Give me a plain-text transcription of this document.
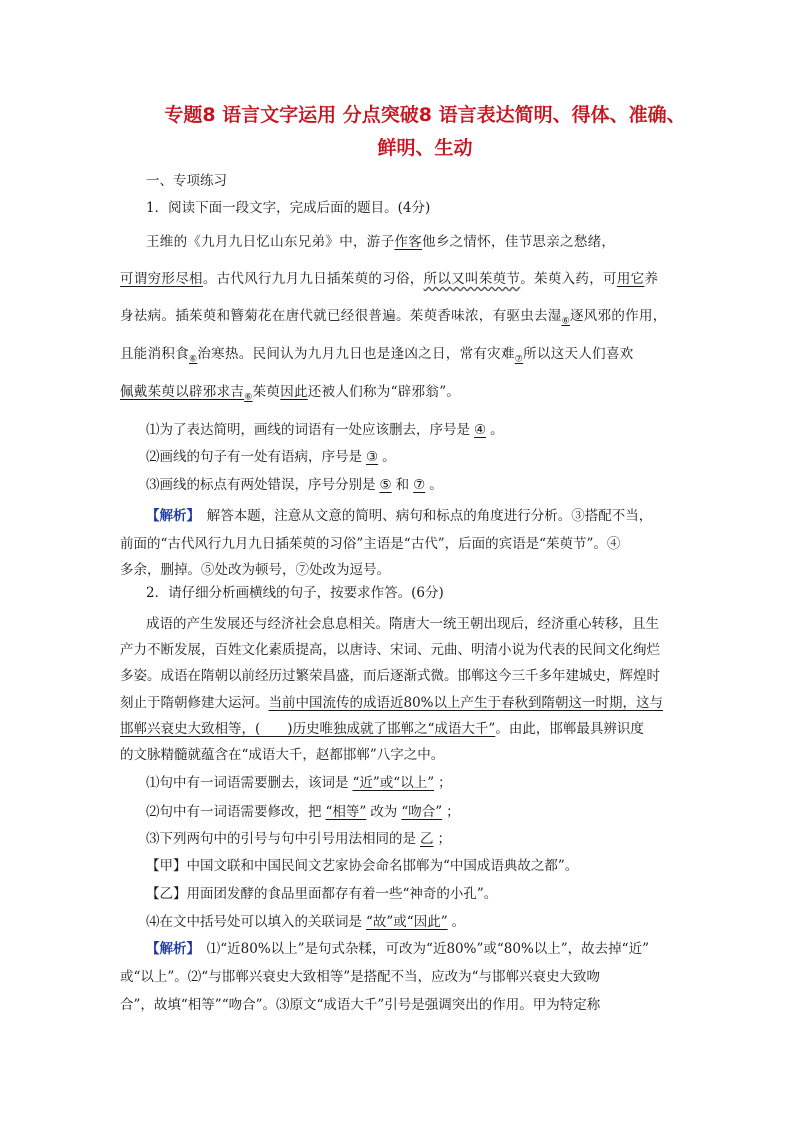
专题8 语言文字运用 分点突破8 语言表达简明、得体、准确、
鲜明、生动
一、专项练习
1．阅读下面一段文字，完成后面的题目。(4分)
王维的《九月九日忆山东兄弟》中，游子作客他乡之情怀，佳节思亲之愁绪，
可谓穷形尽相。古代风行九月九日插茱萸的习俗，所以又叫茱萸节。茱萸入药，可用它养
身祛病。插茱萸和簪菊花在唐代就已经很普遍。茱萸香味浓，有驱虫去湿$_⑥$逐风邪的作用，
且能消积食$_⑥$治寒热。民间认为九月九日也是逢凶之日，常有灾难$_⑦$所以这天人们喜欢
佩戴茱萸以辟邪求吉$_⑥$茱萸因此还被人们称为“辟邪翁”。
⑴为了表达简明，画线的词语有一处应该删去，序号是 ④ 。
⑵画线的句子有一处有语病，序号是 ③ 。
⑶画线的标点有两处错误，序号分别是 ⑤ 和 ⑦ 。
【解析】　 解答本题，注意从文意的简明、病句和标点的角度进行分析。③搭配不当，
前面的“古代风行九月九日插茱萸的习俗”主语是“古代”，后面的宾语是“茱萸节”。④
多余，删掉。⑤处改为顿号，⑦处改为逗号。
2．请仔细分析画横线的句子，按要求作答。(6分)
成语的产生发展还与经济社会息息相关。隋唐大一统王朝出现后，经济重心转移，且生
产力不断发展，百姓文化素质提高，以唐诗、宋词、元曲、明清小说为代表的民间文化绚烂
多姿。成语在隋朝以前经历过繁荣昌盛，而后逐渐式微。邯郸这今三千多年建城史，辉煌时
刻止于隋朝修建大运河。当前中国流传的成语近80%以上产生于春秋到隋朝这一时期，这与
邯郸兴衰史大致相等，(　　)历史唯独成就了邯郸之“成语大千”。由此，邯郸最具辨识度
的文脉精髓就蕴含在“成语大千，赵都邯郸”八字之中。
⑴句中有一词语需要删去，该词是 “近”或“以上” ；
⑵句中有一词语需要修改，把 “相等” 改为 “吻合” ；
⑶下列两句中的引号与句中引号用法相同的是 乙 ；
【甲】中国文联和中国民间文艺家协会命名邯郸为“中国成语典故之都”。
【乙】用面团发酵的食品里面都存有着一些“神奇的小孔”。
⑷在文中括号处可以填入的关联词是 “故”或“因此” 。
【解析】　 ⑴“近80%以上”是句式杂糅，可改为“近80%”或“80%以上”，故去掉“近”
或“以上”。⑵“与邯郸兴衰史大致相等”是搭配不当，应改为“与邯郸兴衰史大致吻
合”，故填“相等”“吻合”。⑶原文“成语大千”引号是强调突出的作用。甲为特定称
